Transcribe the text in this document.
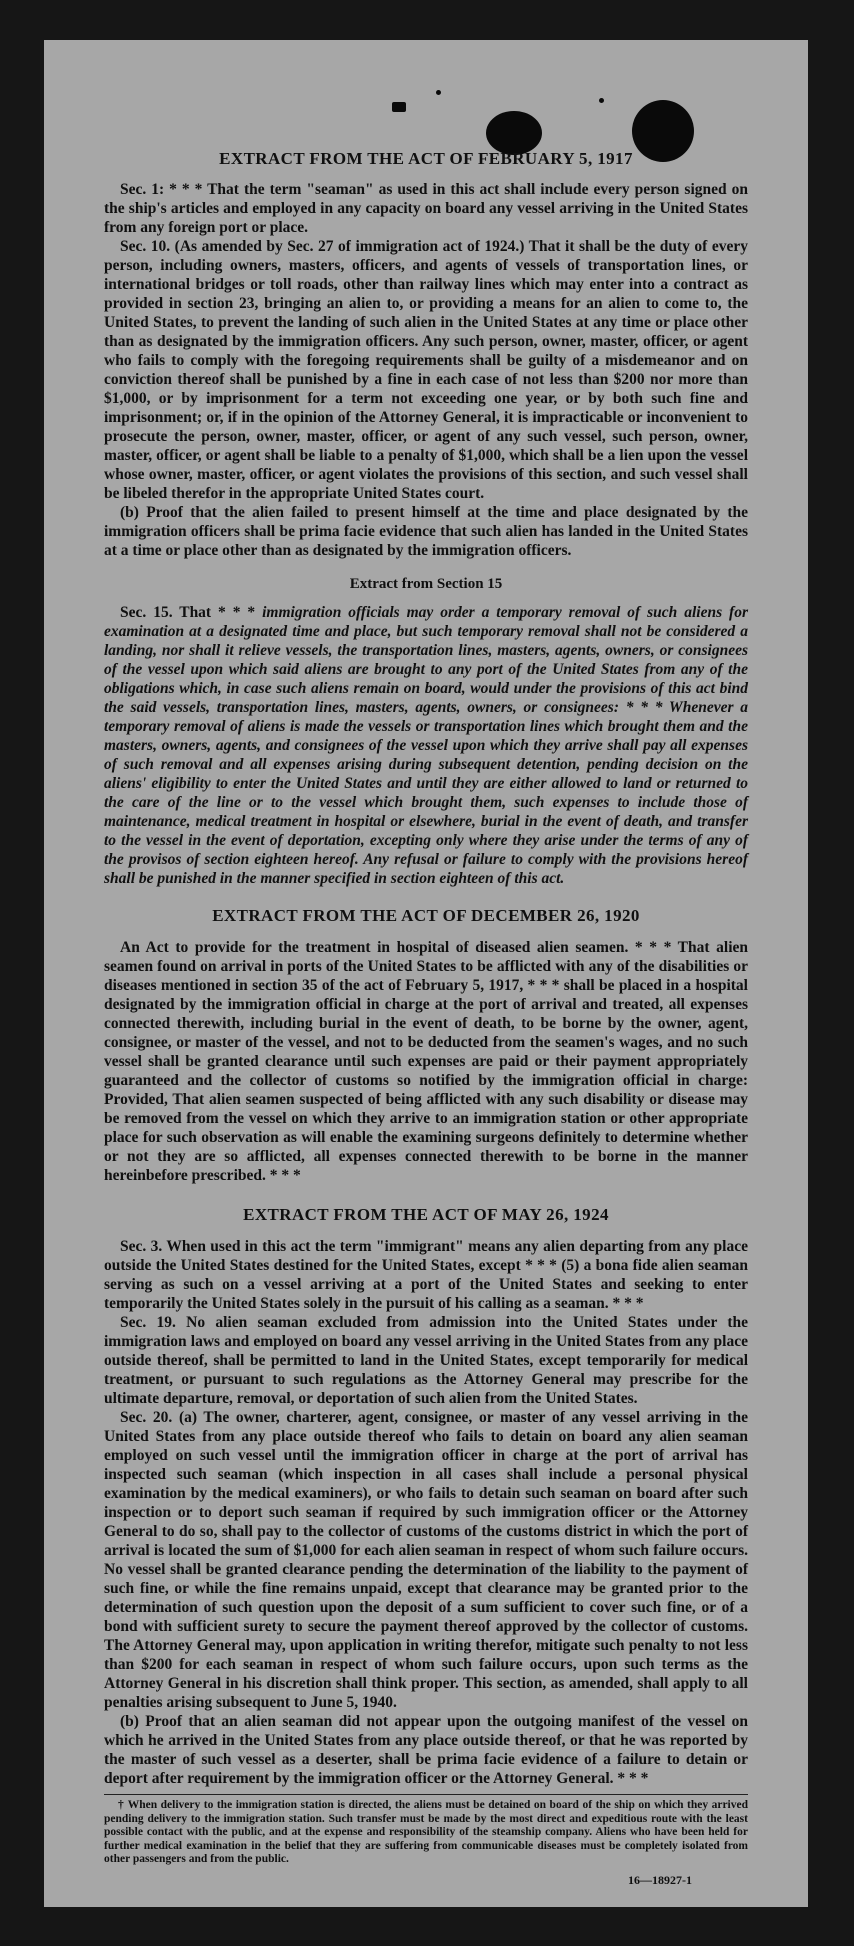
EXTRACT FROM THE ACT OF FEBRUARY 5, 1917

Sec. 1: * * * That the term "seaman" as used in this act shall include every person signed on the ship's articles and employed in any capacity on board any vessel arriving in the United States from any foreign port or place.

Sec. 10. (As amended by Sec. 27 of immigration act of 1924.) That it shall be the duty of every person, including owners, masters, officers, and agents of vessels of transportation lines, or international bridges or toll roads, other than railway lines which may enter into a contract as provided in section 23, bringing an alien to, or providing a means for an alien to come to, the United States, to prevent the landing of such alien in the United States at any time or place other than as designated by the immigration officers. Any such person, owner, master, officer, or agent who fails to comply with the foregoing requirements shall be guilty of a misdemeanor and on conviction thereof shall be punished by a fine in each case of not less than $200 nor more than $1,000, or by imprisonment for a term not exceeding one year, or by both such fine and imprisonment; or, if in the opinion of the Attorney General, it is impracticable or inconvenient to prosecute the person, owner, master, officer, or agent of any such vessel, such person, owner, master, officer, or agent shall be liable to a penalty of $1,000, which shall be a lien upon the vessel whose owner, master, officer, or agent violates the provisions of this section, and such vessel shall be libeled therefor in the appropriate United States court.

(b) Proof that the alien failed to present himself at the time and place designated by the immigration officers shall be prima facie evidence that such alien has landed in the United States at a time or place other than as designated by the immigration officers.

Extract from Section 15

Sec. 15. That * * * immigration officials may order a temporary removal of such aliens for examination at a designated time and place, but such temporary removal shall not be considered a landing, nor shall it relieve vessels, the transportation lines, masters, agents, owners, or consignees of the vessel upon which said aliens are brought to any port of the United States from any of the obligations which, in case such aliens remain on board, would under the provisions of this act bind the said vessels, transportation lines, masters, agents, owners, or consignees: * * * Whenever a temporary removal of aliens is made the vessels or transportation lines which brought them and the masters, owners, agents, and consignees of the vessel upon which they arrive shall pay all expenses of such removal and all expenses arising during subsequent detention, pending decision on the aliens' eligibility to enter the United States and until they are either allowed to land or returned to the care of the line or to the vessel which brought them, such expenses to include those of maintenance, medical treatment in hospital or elsewhere, burial in the event of death, and transfer to the vessel in the event of deportation, excepting only where they arise under the terms of any of the provisos of section eighteen hereof. Any refusal or failure to comply with the provisions hereof shall be punished in the manner specified in section eighteen of this act.

EXTRACT FROM THE ACT OF DECEMBER 26, 1920

An Act to provide for the treatment in hospital of diseased alien seamen. * * * That alien seamen found on arrival in ports of the United States to be afflicted with any of the disabilities or diseases mentioned in section 35 of the act of February 5, 1917, * * * shall be placed in a hospital designated by the immigration official in charge at the port of arrival and treated, all expenses connected therewith, including burial in the event of death, to be borne by the owner, agent, consignee, or master of the vessel, and not to be deducted from the seamen's wages, and no such vessel shall be granted clearance until such expenses are paid or their payment appropriately guaranteed and the collector of customs so notified by the immigration official in charge: Provided, That alien seamen suspected of being afflicted with any such disability or disease may be removed from the vessel on which they arrive to an immigration station or other appropriate place for such observation as will enable the examining surgeons definitely to determine whether or not they are so afflicted, all expenses connected therewith to be borne in the manner hereinbefore prescribed. * * *

EXTRACT FROM THE ACT OF MAY 26, 1924

Sec. 3. When used in this act the term "immigrant" means any alien departing from any place outside the United States destined for the United States, except * * * (5) a bona fide alien seaman serving as such on a vessel arriving at a port of the United States and seeking to enter temporarily the United States solely in the pursuit of his calling as a seaman. * * *

Sec. 19. No alien seaman excluded from admission into the United States under the immigration laws and employed on board any vessel arriving in the United States from any place outside thereof, shall be permitted to land in the United States, except temporarily for medical treatment, or pursuant to such regulations as the Attorney General may prescribe for the ultimate departure, removal, or deportation of such alien from the United States.

Sec. 20. (a) The owner, charterer, agent, consignee, or master of any vessel arriving in the United States from any place outside thereof who fails to detain on board any alien seaman employed on such vessel until the immigration officer in charge at the port of arrival has inspected such seaman (which inspection in all cases shall include a personal physical examination by the medical examiners), or who fails to detain such seaman on board after such inspection or to deport such seaman if required by such immigration officer or the Attorney General to do so, shall pay to the collector of customs of the customs district in which the port of arrival is located the sum of $1,000 for each alien seaman in respect of whom such failure occurs. No vessel shall be granted clearance pending the determination of the liability to the payment of such fine, or while the fine remains unpaid, except that clearance may be granted prior to the determination of such question upon the deposit of a sum sufficient to cover such fine, or of a bond with sufficient surety to secure the payment thereof approved by the collector of customs. The Attorney General may, upon application in writing therefor, mitigate such penalty to not less than $200 for each seaman in respect of whom such failure occurs, upon such terms as the Attorney General in his discretion shall think proper. This section, as amended, shall apply to all penalties arising subsequent to June 5, 1940.

(b) Proof that an alien seaman did not appear upon the outgoing manifest of the vessel on which he arrived in the United States from any place outside thereof, or that he was reported by the master of such vessel as a deserter, shall be prima facie evidence of a failure to detain or deport after requirement by the immigration officer or the Attorney General. * * *

† When delivery to the immigration station is directed, the aliens must be detained on board of the ship on which they arrived pending delivery to the immigration station. Such transfer must be made by the most direct and expeditious route with the least possible contact with the public, and at the expense and responsibility of the steamship company. Aliens who have been held for further medical examination in the belief that they are suffering from communicable diseases must be completely isolated from other passengers and from the public.

16—18927-1
